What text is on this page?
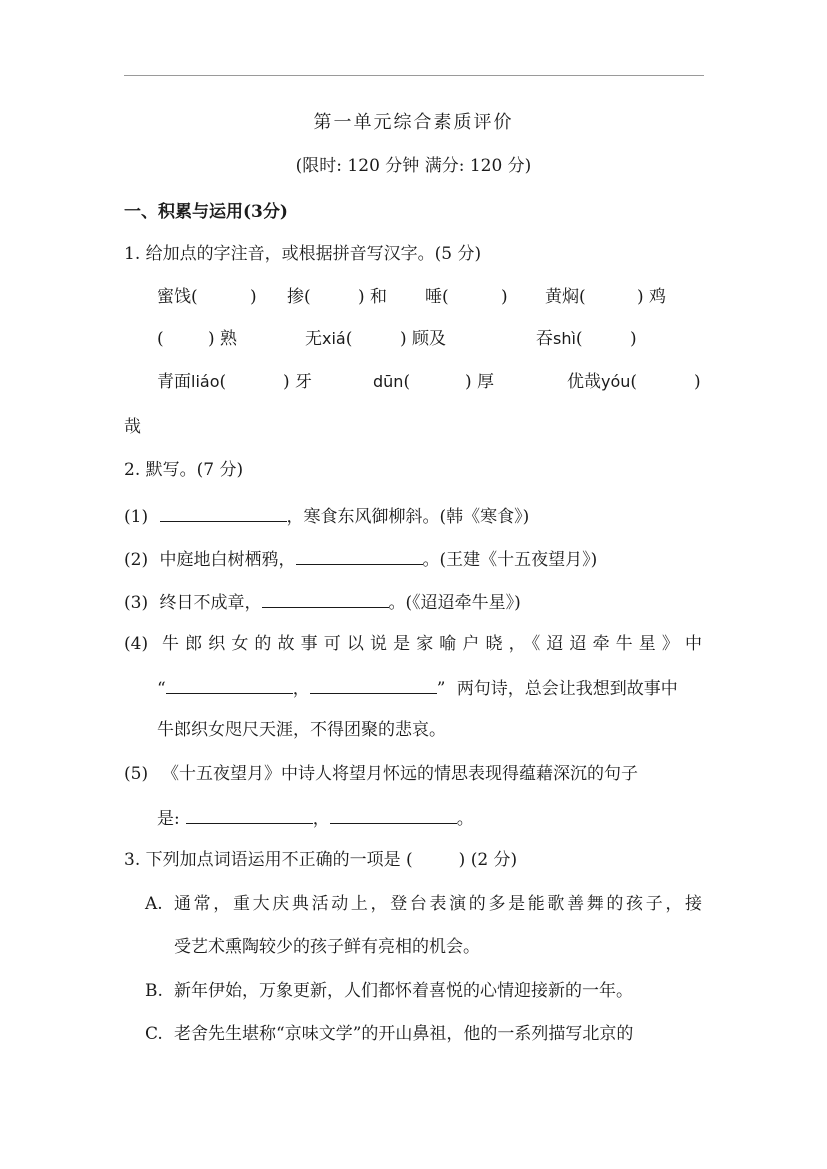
第一单元综合素质评价
(限时: 120 分钟 满分: 120 分)
一、积累与运用(3分)
1. 给加点的字注音，或根据拼音写汉字。(5 分)
蜜饯(	) 掺(	) 和 唾(	) 黄焖(	) 鸡
(	) 熟	无xiá(	) 顾及	吞shì(	)
青面liáo(	) 牙	dūn(	) 厚	优哉yóu(	)
哉
2. 默写。(7 分)
(1)	，寒食东风御柳斜。(韩《寒食》)
(2) 中庭地白树栖鸦，	。(王建《十五夜望月》)
(3) 终日不成章，	。(《迢迢牵牛星》)
(4) 牛郎织女的故事可以说是家喻户晓，《迢迢牵牛星》中
“	，	” 两句诗，总会让我想到故事中
牛郎织女咫尺天涯，不得团聚的悲哀。
(5) 《十五夜望月》中诗人将望月怀远的情思表现得蕴藉深沉的句子
是:	，	。
3. 下列加点词语运用不正确的一项是 (	) (2 分)
A. 通常，重大庆典活动上，登台表演的多是能歌善舞的孩子，接
受艺术熏陶较少的孩子鲜有亮相的机会。
B. 新年伊始，万象更新，人们都怀着喜悦的心情迎接新的一年。
C. 老舍先生堪称“京味文学”的开山鼻祖，他的一系列描写北京的
